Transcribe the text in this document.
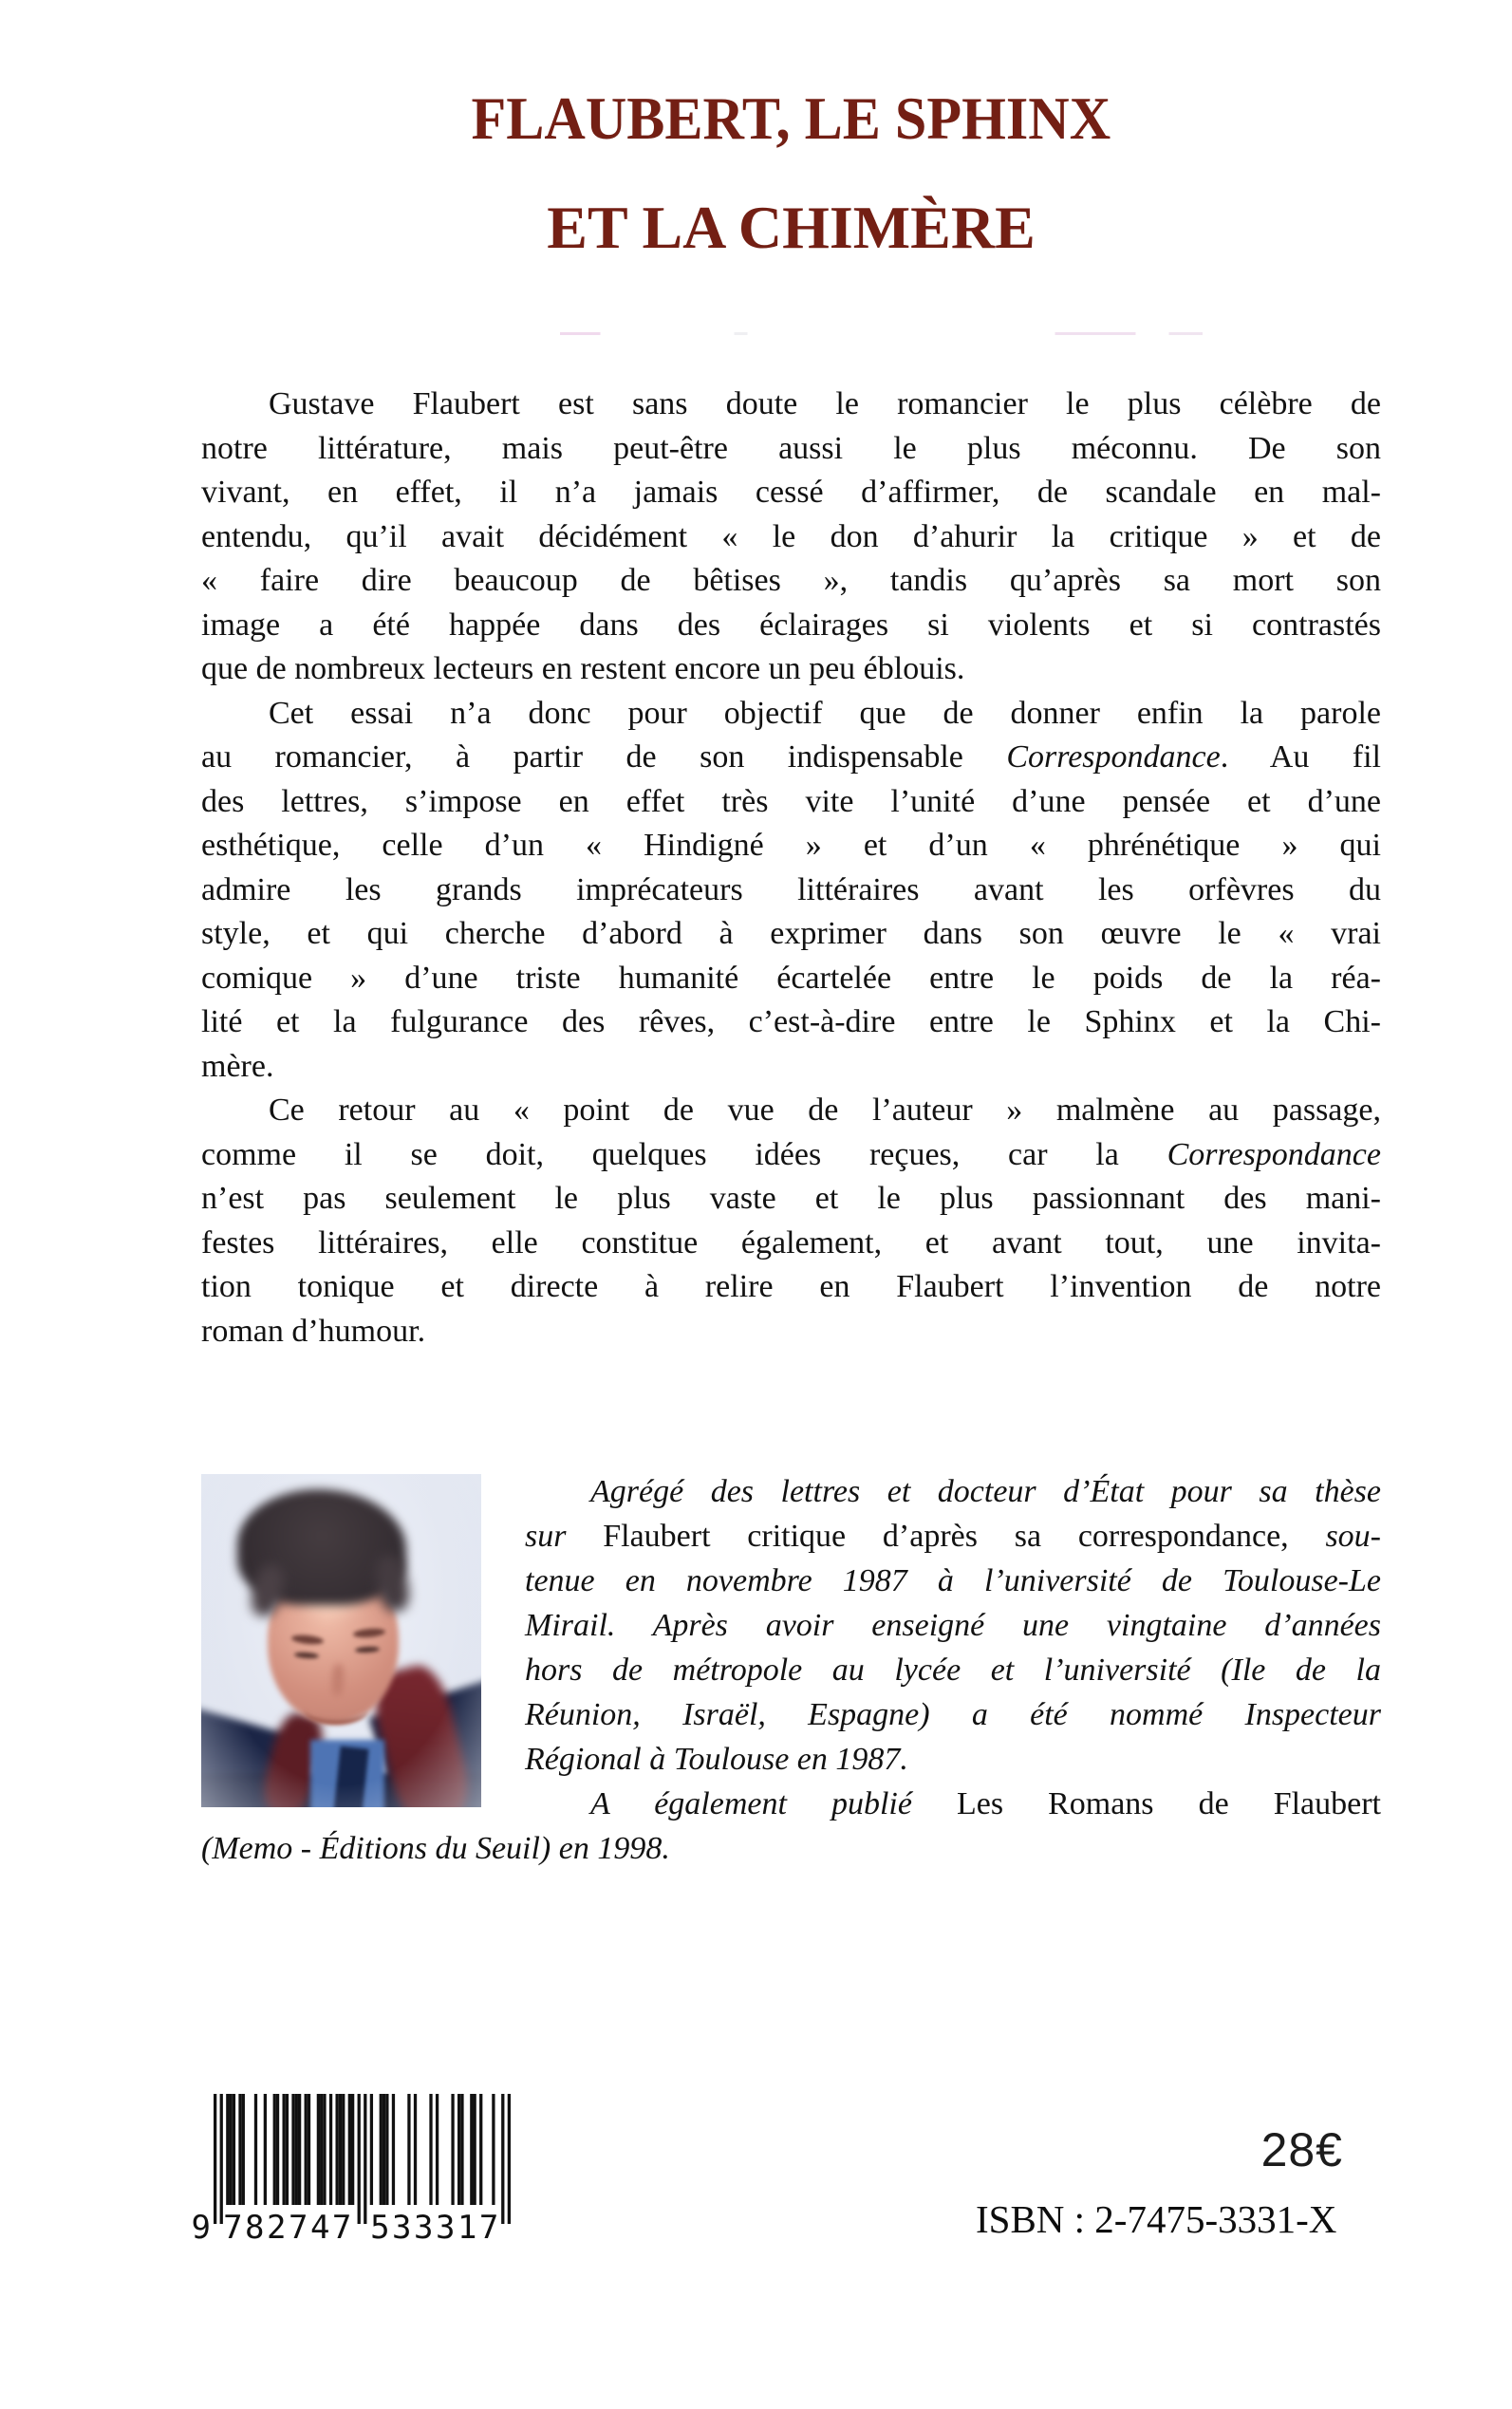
FLAUBERT, LE SPHINX
ET LA CHIMÈRE
Gustave Flaubert est sans doute le romancier le plus célèbre de
notre littérature, mais peut-être aussi le plus méconnu. De son
vivant, en effet, il n’a jamais cessé d’affirmer, de scandale en mal-
entendu, qu’il avait décidément « le don d’ahurir la critique » et de
« faire dire beaucoup de bêtises », tandis qu’après sa mort son
image a été happée dans des éclairages si violents et si contrastés
que de nombreux lecteurs en restent encore un peu éblouis.
Cet essai n’a donc pour objectif que de donner enfin la parole
au romancier, à partir de son indispensable Correspondance. Au fil
des lettres, s’impose en effet très vite l’unité d’une pensée et d’une
esthétique, celle d’un « Hindigné » et d’un « phrénétique » qui
admire les grands imprécateurs littéraires avant les orfèvres du
style, et qui cherche d’abord à exprimer dans son œuvre le « vrai
comique » d’une triste humanité écartelée entre le poids de la réa-
lité et la fulgurance des rêves, c’est-à-dire entre le Sphinx et la Chi-
mère.
Ce retour au « point de vue de l’auteur » malmène au passage,
comme il se doit, quelques idées reçues, car la Correspondance
n’est pas seulement le plus vaste et le plus passionnant des mani-
festes littéraires, elle constitue également, et avant tout, une invita-
tion tonique et directe à relire en Flaubert l’invention de notre
roman d’humour.
Agrégé des lettres et docteur d’État pour sa thèse
sur Flaubert critique d’après sa correspondance, sou-
tenue en novembre 1987 à l’université de Toulouse-Le
Mirail. Après avoir enseigné une vingtaine d’années
hors de métropole au lycée et l’université (Ile de la
Réunion, Israël, Espagne) a été nommé Inspecteur
Régional à Toulouse en 1987.
A également publié Les Romans de Flaubert
(Memo - Éditions du Seuil) en 1998.
9 782747 533317
28€
ISBN : 2-7475-3331-X
